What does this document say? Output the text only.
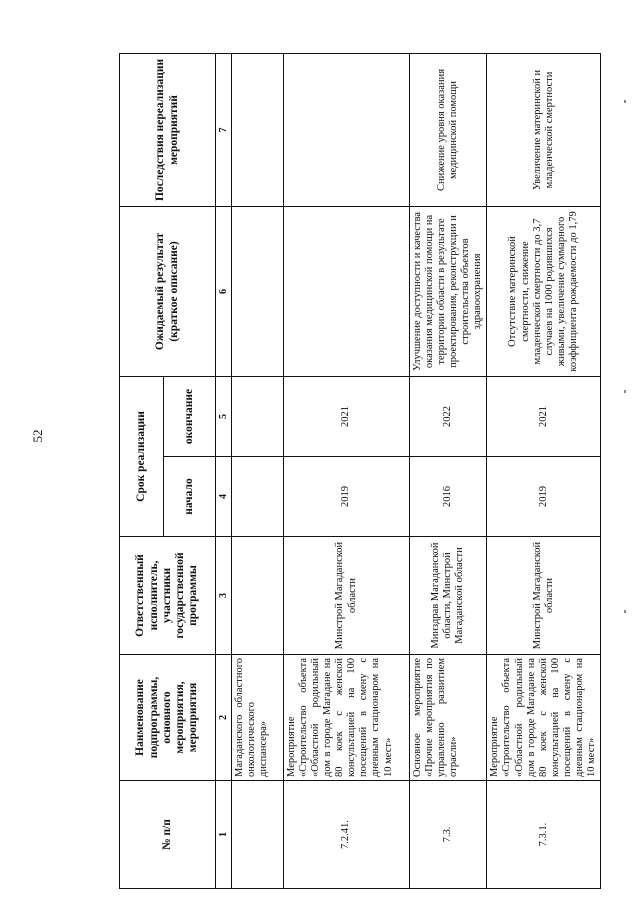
52
№ п/п	Наименование подпрограммы, основного мероприятия, мероприятия	Ответственный исполнитель, участники государственной программы	Срок реализации		Ожидаемый результат (краткое описание)	Последствия нереализации мероприятий
			начало	окончание		
1	2	3	4	5	6	7
	Магаданского областного онкологического диспансера»					
7.2.41.	Мероприятие «Строительство объекта «Областной родильный дом в городе Магадане на 80 коек с женской консультацией на 100 посещений в смену с дневным стационаром на 10 мест»	Минстрой Магаданской области	2019	2021		
7.3.	Основное мероприятие «Прочие мероприятия по управлению развитием отрасли»	Минздрав Магаданской области, Минстрой Магаданской области	2016	2022	Улучшение доступности и качества оказания медицинской помощи на территории области в результате проектирования, реконструкции и строительства объектов здравоохранения	Снижение уровня оказания медицинской помощи
7.3.1.	Мероприятие «Строительство объекта «Областной родильный дом в городе Магадане на 80 коек с женской консультацией на 100 посещений в смену с дневным стационаром на 10 мест»	Минстрой Магаданской области	2019	2021	Отсутствие материнской смертности, снижение младенческой смертности до 3,7 случаев на 1000 родившихся живыми, увеличение суммарного коэффициента рождаемости до 1,79	Увеличение материнской и младенческой смертности
